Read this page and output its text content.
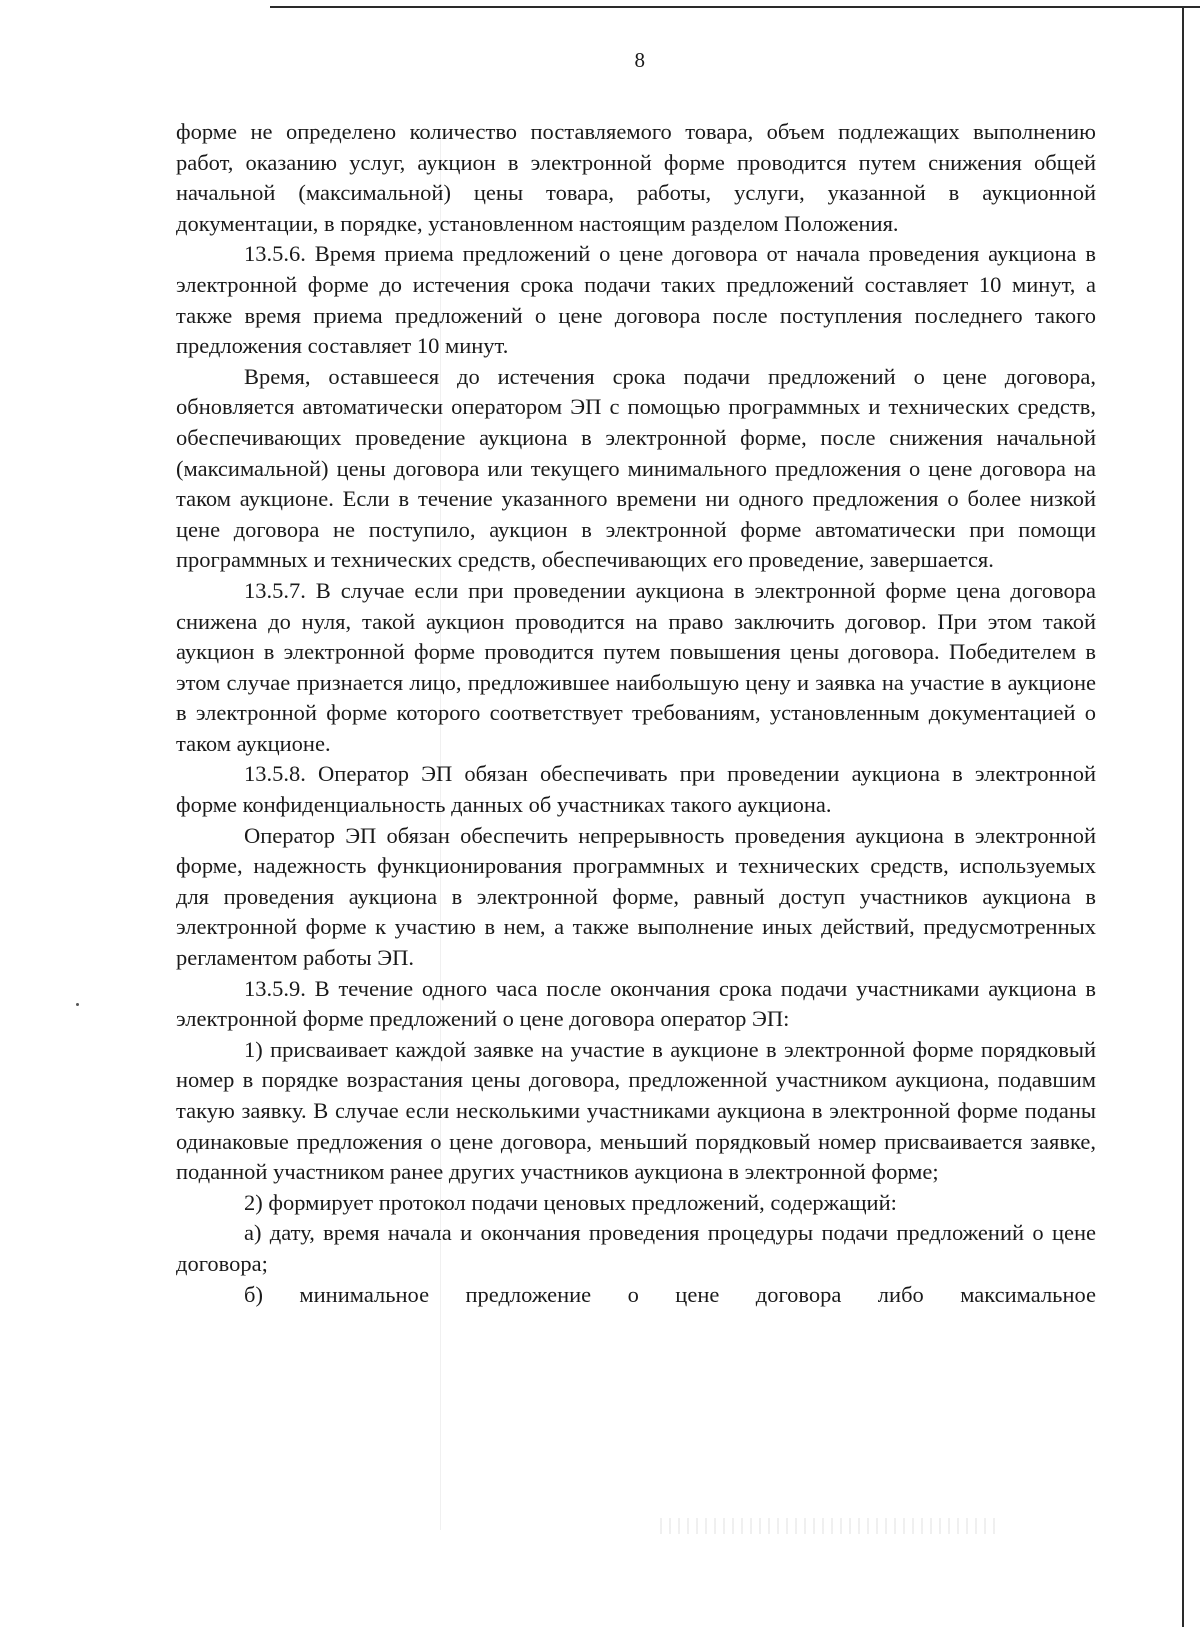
8

форме не определено количество поставляемого товара, объем подлежащих выполнению работ, оказанию услуг, аукцион в электронной форме проводится путем снижения общей начальной (максимальной) цены товара, работы, услуги, указанной в аукционной документации, в порядке, установленном настоящим разделом Положения.

13.5.6. Время приема предложений о цене договора от начала проведения аукциона в электронной форме до истечения срока подачи таких предложений составляет 10 минут, а также время приема предложений о цене договора после поступления последнего такого предложения составляет 10 минут.

Время, оставшееся до истечения срока подачи предложений о цене договора, обновляется автоматически оператором ЭП с помощью программных и технических средств, обеспечивающих проведение аукциона в электронной форме, после снижения начальной (максимальной) цены договора или текущего минимального предложения о цене договора на таком аукционе. Если в течение указанного времени ни одного предложения о более низкой цене договора не поступило, аукцион в электронной форме автоматически при помощи программных и технических средств, обеспечивающих его проведение, завершается.

13.5.7. В случае если при проведении аукциона в электронной форме цена договора снижена до нуля, такой аукцион проводится на право заключить договор. При этом такой аукцион в электронной форме проводится путем повышения цены договора. Победителем в этом случае признается лицо, предложившее наибольшую цену и заявка на участие в аукционе в электронной форме которого соответствует требованиям, установленным документацией о таком аукционе.

13.5.8. Оператор ЭП обязан обеспечивать при проведении аукциона в электронной форме конфиденциальность данных об участниках такого аукциона.

Оператор ЭП обязан обеспечить непрерывность проведения аукциона в электронной форме, надежность функционирования программных и технических средств, используемых для проведения аукциона в электронной форме, равный доступ участников аукциона в электронной форме к участию в нем, а также выполнение иных действий, предусмотренных регламентом работы ЭП.

13.5.9. В течение одного часа после окончания срока подачи участниками аукциона в электронной форме предложений о цене договора оператор ЭП:

1) присваивает каждой заявке на участие в аукционе в электронной форме порядковый номер в порядке возрастания цены договора, предложенной участником аукциона, подавшим такую заявку. В случае если несколькими участниками аукциона в электронной форме поданы одинаковые предложения о цене договора, меньший порядковый номер присваивается заявке, поданной участником ранее других участников аукциона в электронной форме;

2) формирует протокол подачи ценовых предложений, содержащий:

а) дату, время начала и окончания проведения процедуры подачи предложений о цене договора;

б) минимальное предложение о цене договора либо максимальное
